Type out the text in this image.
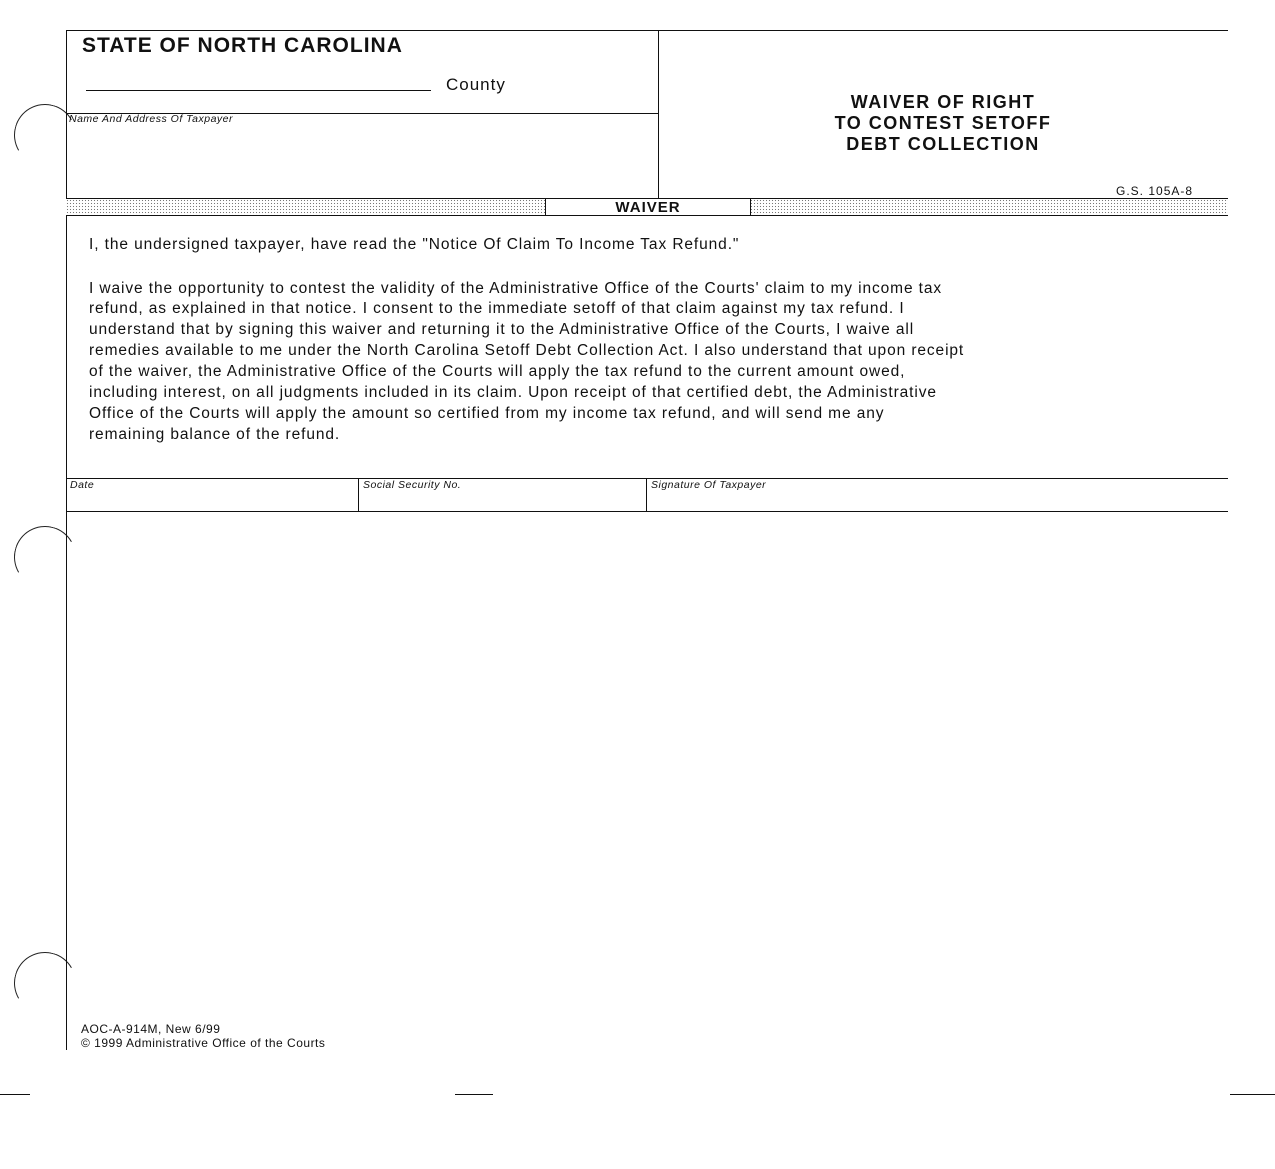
STATE OF NORTH CAROLINA
County
Name And Address Of Taxpayer
WAIVER OF RIGHT
TO CONTEST SETOFF
DEBT COLLECTION
G.S. 105A-8
WAIVER
I, the undersigned taxpayer, have read the "Notice Of Claim To Income Tax Refund."
I waive the opportunity to contest the validity of the Administrative Office of the Courts' claim to my income tax
refund, as explained in that notice. I consent to the immediate setoff of that claim against my tax refund. I
understand that by signing this waiver and returning it to the Administrative Office of the Courts, I waive all
remedies available to me under the North Carolina Setoff Debt Collection Act. I also understand that upon receipt
of the waiver, the Administrative Office of the Courts will apply the tax refund to the current amount owed,
including interest, on all judgments included in its claim. Upon receipt of that certified debt, the Administrative
Office of the Courts will apply the amount so certified from my income tax refund, and will send me any
remaining balance of the refund.
Date	Social Security No.	Signature Of Taxpayer
AOC-A-914M, New 6/99
© 1999 Administrative Office of the Courts
